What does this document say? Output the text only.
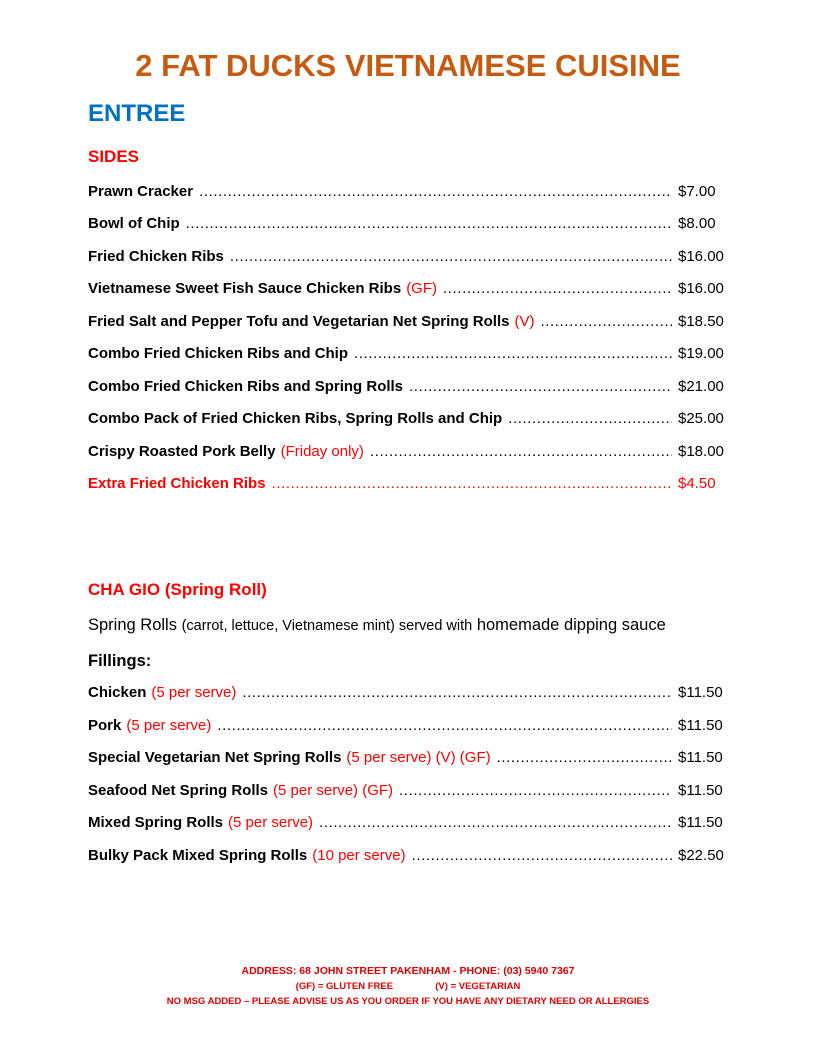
2 FAT DUCKS VIETNAMESE CUISINE
ENTREE
SIDES
Prawn Cracker .....	$7.00
Bowl of Chip .....	$8.00
Fried Chicken Ribs .....	$16.00
Vietnamese Sweet Fish Sauce Chicken Ribs (GF) .....	$16.00
Fried Salt and Pepper Tofu and Vegetarian Net Spring Rolls (V) .....	$18.50
Combo Fried Chicken Ribs and Chip .....	$19.00
Combo Fried Chicken Ribs and Spring Rolls .....	$21.00
Combo Pack of Fried Chicken Ribs, Spring Rolls and Chip .....	$25.00
Crispy Roasted Pork Belly (Friday only) .....	$18.00
Extra Fried Chicken Ribs .....	$4.50
CHA GIO (Spring Roll)
Spring Rolls (carrot, lettuce, Vietnamese mint) served with homemade dipping sauce
Fillings:
Chicken (5 per serve) .....	$11.50
Pork (5 per serve) .....	$11.50
Special Vegetarian Net Spring Rolls (5 per serve) (V) (GF) .....	$11.50
Seafood Net Spring Rolls (5 per serve) (GF) .....	$11.50
Mixed Spring Rolls (5 per serve) .....	$11.50
Bulky Pack Mixed Spring Rolls (10 per serve) .....	$22.50
ADDRESS: 68 JOHN STREET PAKENHAM - PHONE: (03) 5940 7367
(GF) = GLUTEN FREE                (V) = VEGETARIAN
NO MSG ADDED – PLEASE ADVISE US AS YOU ORDER IF YOU HAVE ANY DIETARY NEED OR ALLERGIES
